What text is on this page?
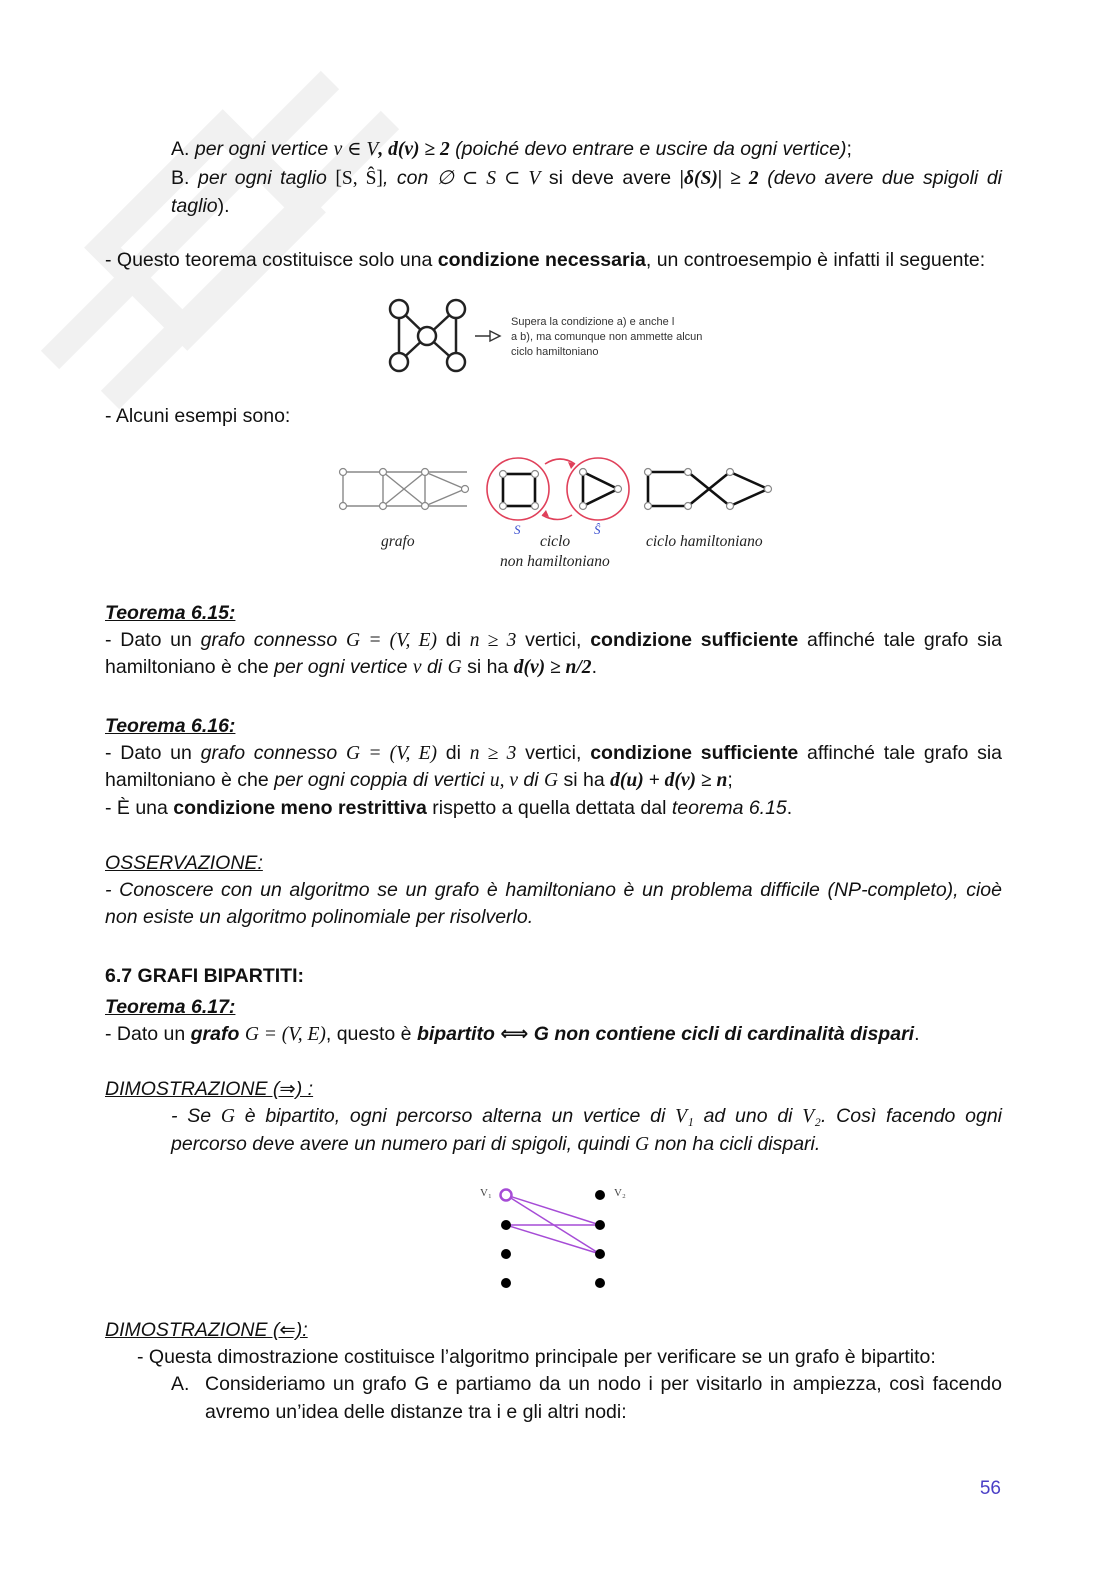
A. per ogni vertice v ∈ V, d(v) ≥ 2 (poiché devo entrare e uscire da ogni vertice);
B. per ogni taglio [S, Ŝ], con ∅ ⊂ S ⊂ V si deve avere |δ(S)| ≥ 2 (devo avere due spigoli di
taglio).
- Questo teorema costituisce solo una condizione necessaria, un controesempio è infatti il seguente:
Supera la condizione a) e anche l
a b), ma comunque non ammette alcun
ciclo hamiltoniano
- Alcuni esempi sono:
S	Ŝ
grafo	ciclo
non hamiltoniano
ciclo hamiltoniano
Teorema 6.15:
- Dato un grafo connesso G = (V, E) di n ≥ 3 vertici, condizione sufficiente affinché tale grafo sia
hamiltoniano è che per ogni vertice v di G si ha d(v) ≥ n/2.
Teorema 6.16:
- Dato un grafo connesso G = (V, E) di n ≥ 3 vertici, condizione sufficiente affinché tale grafo sia
hamiltoniano è che per ogni coppia di vertici u, v di G si ha d(u) + d(v) ≥ n;
- È una condizione meno restrittiva rispetto a quella dettata dal teorema 6.15.
OSSERVAZIONE:
- Conoscere con un algoritmo se un grafo è hamiltoniano è un problema difficile (NP-completo), cioè
non esiste un algoritmo polinomiale per risolverlo.
6.7 GRAFI BIPARTITI:
Teorema 6.17:
- Dato un grafo G = (V, E), questo è bipartito ⟺ G non contiene cicli di cardinalità dispari.
DIMOSTRAZIONE (⇒) :
- Se G è bipartito, ogni percorso alterna un vertice di V₁ ad uno di V₂. Così facendo ogni
percorso deve avere un numero pari di spigoli, quindi G non ha cicli dispari.
V₁	V₂
DIMOSTRAZIONE (⇐):
- Questa dimostrazione costituisce l’algoritmo principale per verificare se un grafo è bipartito:
A. Consideriamo un grafo G e partiamo da un nodo i per visitarlo in ampiezza, così facendo
avremo un’idea delle distanze tra i e gli altri nodi:
56
